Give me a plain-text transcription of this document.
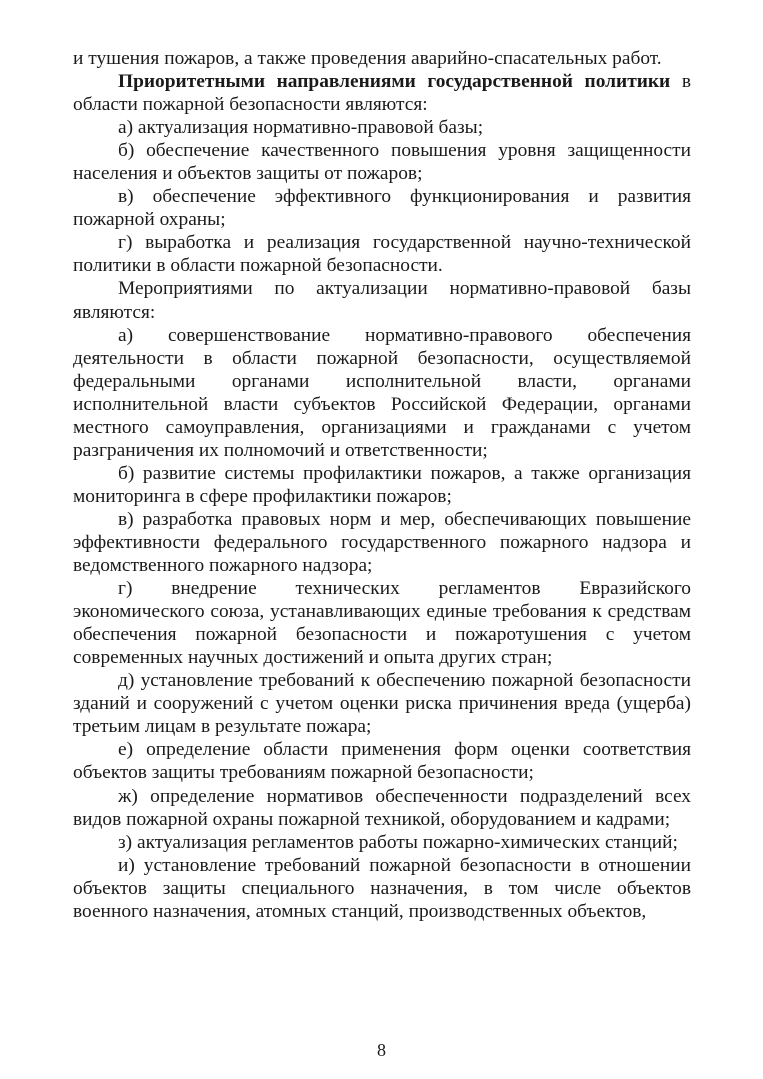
и тушения пожаров, а также проведения аварийно-спасательных работ.

Приоритетными направлениями государственной политики в области пожарной безопасности являются:

а) актуализация нормативно-правовой базы;

б) обеспечение качественного повышения уровня защищенности населения и объектов защиты от пожаров;

в) обеспечение эффективного функционирования и развития пожарной охраны;

г) выработка и реализация государственной научно-технической политики в области пожарной безопасности.

Мероприятиями по актуализации нормативно-правовой базы являются:

а) совершенствование нормативно-правового обеспечения деятельности в области пожарной безопасности, осуществляемой федеральными органами исполнительной власти, органами исполнительной власти субъектов Российской Федерации, органами местного самоуправления, организациями и гражданами с учетом разграничения их полномочий и ответственности;

б) развитие системы профилактики пожаров, а также организация мониторинга в сфере профилактики пожаров;

в) разработка правовых норм и мер, обеспечивающих повышение эффективности федерального государственного пожарного надзора и ведомственного пожарного надзора;

г) внедрение технических регламентов Евразийского экономического союза, устанавливающих единые требования к средствам обеспечения пожарной безопасности и пожаротушения с учетом современных научных достижений и опыта других стран;

д) установление требований к обеспечению пожарной безопасности зданий и сооружений с учетом оценки риска причинения вреда (ущерба) третьим лицам в результате пожара;

е) определение области применения форм оценки соответствия объектов защиты требованиям пожарной безопасности;

ж) определение нормативов обеспеченности подразделений всех видов пожарной охраны пожарной техникой, оборудованием и кадрами;

з) актуализация регламентов работы пожарно-химических станций;

и) установление требований пожарной безопасности в отношении объектов защиты специального назначения, в том числе объектов военного назначения, атомных станций, производственных объектов,

8
